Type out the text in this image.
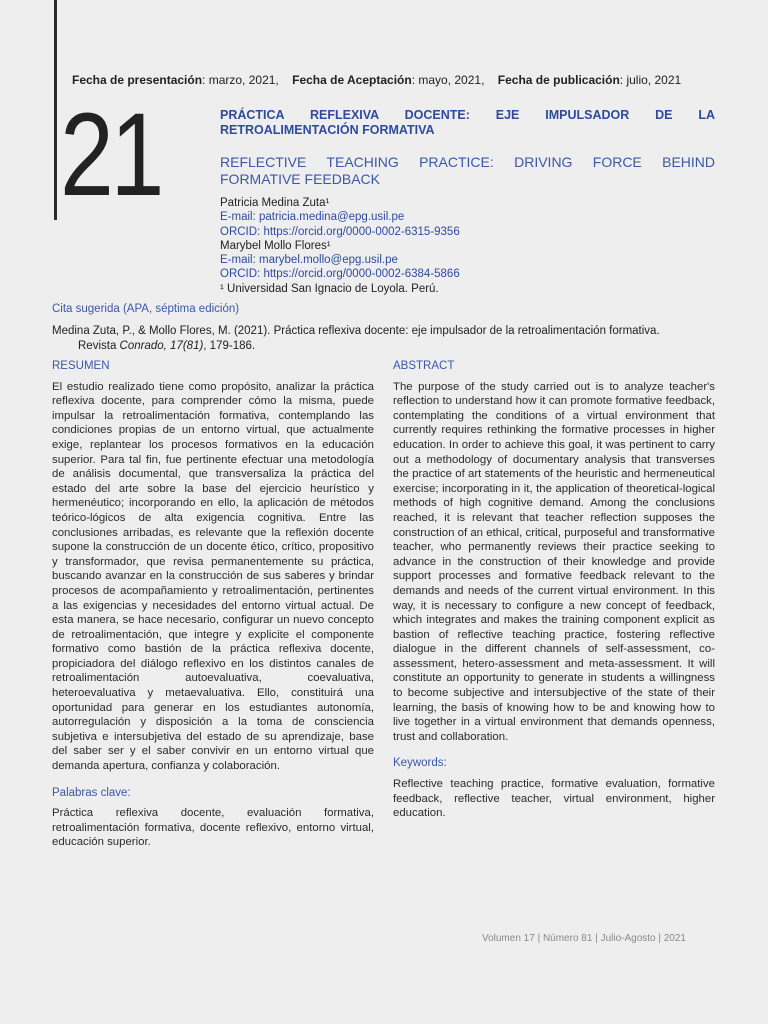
Fecha de presentación: marzo, 2021, Fecha de Aceptación: mayo, 2021, Fecha de publicación: julio, 2021
21	PRÁCTICA REFLEXIVA DOCENTE: EJE IMPULSADOR DE LA RETROALIMENTACIÓN FORMATIVA
REFLECTIVE TEACHING PRACTICE: DRIVING FORCE BEHIND FORMATIVE FEEDBACK
Patricia Medina Zuta¹
E-mail: patricia.medina@epg.usil.pe
ORCID: https://orcid.org/0000-0002-6315-9356
Marybel Mollo Flores¹
E-mail: marybel.mollo@epg.usil.pe
ORCID: https://orcid.org/0000-0002-6384-5866
¹ Universidad San Ignacio de Loyola. Perú.
Cita sugerida (APA, séptima edición)
Medina Zuta, P., & Mollo Flores, M. (2021). Práctica reflexiva docente: eje impulsador de la retroalimentación formativa.
Revista Conrado, 17(81), 179-186.
RESUMEN
El estudio realizado tiene como propósito, analizar la práctica reflexiva docente, para comprender cómo la misma, puede impulsar la retroalimentación formativa, contemplando las condiciones propias de un entorno virtual, que actualmente exige, replantear los procesos formativos en la educación superior. Para tal fin, fue pertinente efectuar una metodología de análisis documental, que transversaliza la práctica del estado del arte sobre la base del ejercicio heurístico y hermenéutico; incorporando en ello, la aplicación de métodos teórico-lógicos de alta exigencia cognitiva. Entre las conclusiones arribadas, es relevante que la reflexión docente supone la construcción de un docente ético, crítico, propositivo y transformador, que revisa permanentemente su práctica, buscando avanzar en la construcción de sus saberes y brindar procesos de acompañamiento y retroalimentación, pertinentes a las exigencias y necesidades del entorno virtual actual. De esta manera, se hace necesario, configurar un nuevo concepto de retroalimentación, que integre y explicite el componente formativo como bastión de la práctica reflexiva docente, propiciadora del diálogo reflexivo en los distintos canales de retroalimentación autoevaluativa, coevaluativa, heteroevaluativa y metaevaluativa. Ello, constituirá una oportunidad para generar en los estudiantes autonomía, autorregulación y disposición a la toma de consciencia subjetiva e intersubjetiva del estado de su aprendizaje, base del saber ser y el saber convivir en un entorno virtual que demanda apertura, confianza y colaboración.
Palabras clave:
Práctica reflexiva docente, evaluación formativa, retroalimentación formativa, docente reflexivo, entorno virtual, educación superior.
ABSTRACT
The purpose of the study carried out is to analyze teacher's reflection to understand how it can promote formative feedback, contemplating the conditions of a virtual environment that currently requires rethinking the formative processes in higher education. In order to achieve this goal, it was pertinent to carry out a methodology of documentary analysis that transverses the practice of art statements of the heuristic and hermeneutical exercise; incorporating in it, the application of theoretical-logical methods of high cognitive demand. Among the conclusions reached, it is relevant that teacher reflection supposes the construction of an ethical, critical, purposeful and transformative teacher, who permanently reviews their practice seeking to advance in the construction of their knowledge and provide support processes and formative feedback relevant to the demands and needs of the current virtual environment. In this way, it is necessary to configure a new concept of feedback, which integrates and makes the training component explicit as bastion of reflective teaching practice, fostering reflective dialogue in the different channels of self-assessment, co-assessment, hetero-assessment and meta-assessment. It will constitute an opportunity to generate in students a willingness to become subjective and intersubjective of the state of their learning, the basis of knowing how to be and knowing how to live together in a virtual environment that demands openness, trust and collaboration.
Keywords:
Reflective teaching practice, formative evaluation, formative feedback, reflective teacher, virtual environment, higher education.
Volumen 17 | Número 81 | Julio-Agosto | 2021
